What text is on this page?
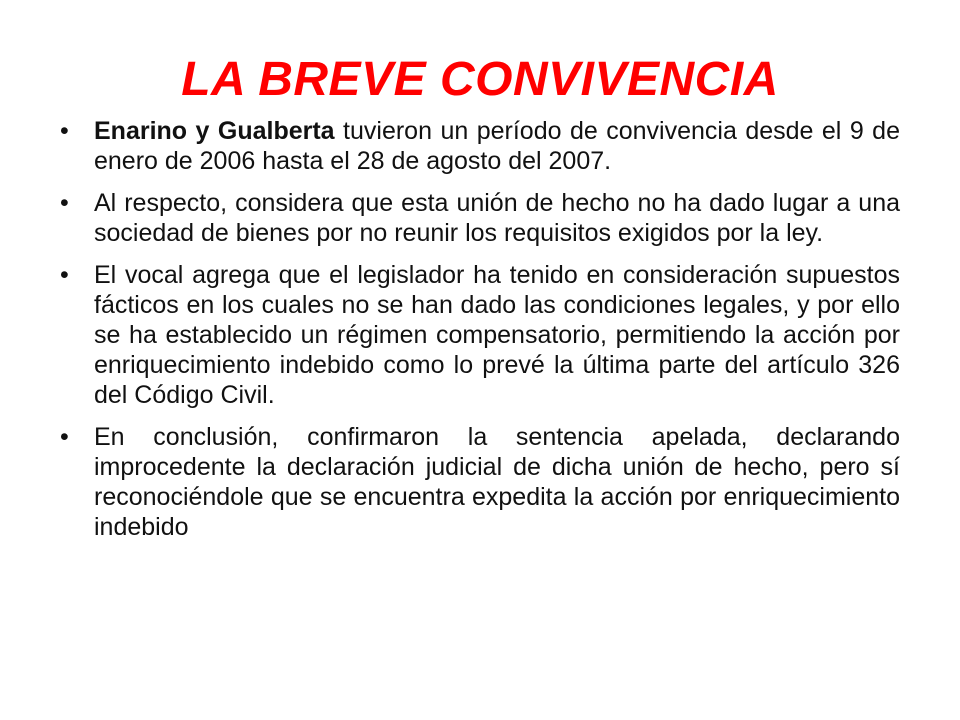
LA BREVE CONVIVENCIA
• Enarino y Gualberta tuvieron un período de convivencia desde el 9 de enero de 2006 hasta el 28 de agosto del 2007.
• Al respecto, considera que esta unión de hecho no ha dado lugar a una sociedad de bienes por no reunir los requisitos exigidos por la ley.
• El vocal agrega que el legislador ha tenido en consideración supuestos fácticos en los cuales no se han dado las condiciones legales, y por ello se ha establecido un régimen compensatorio, permitiendo la acción por enriquecimiento indebido como lo prevé la última parte del artículo 326 del Código Civil.
• En conclusión, confirmaron la sentencia apelada, declarando improcedente la declaración judicial de dicha unión de hecho, pero sí reconociéndole que se encuentra expedita la acción por enriquecimiento indebido
